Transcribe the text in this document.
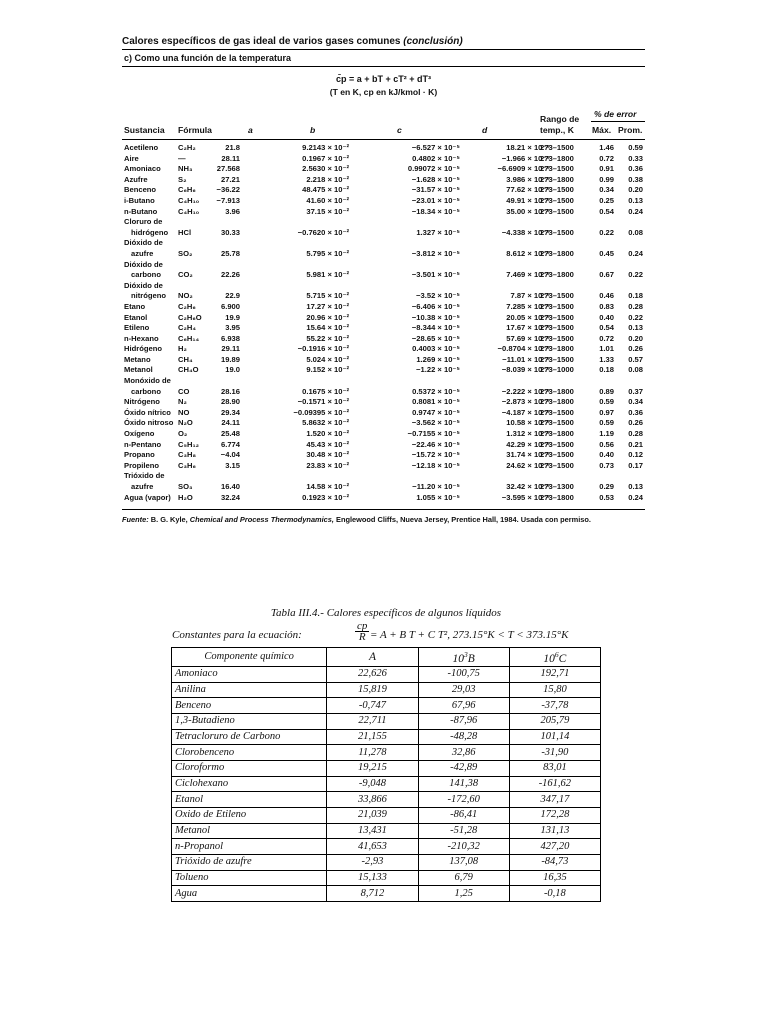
Calores específicos de gas ideal de varios gases comunes (conclusión)
c) Como una función de la temperatura
c̄p = a + bT + cT² + dT³
(T en K, cp en kJ/kmol · K)
Sustancia Fórmula	a	b	c	d
Rango de
temp., K
% de error
Máx. Prom.
Acetileno	C₂H₂	21.8	9.2143 × 10⁻²	−6.527 × 10⁻⁵	18.21 × 10⁻⁹
273–1500	1.46 0.59
Aire	—	28.11	0.1967 × 10⁻²	0.4802 × 10⁻⁵	−1.966 × 10⁻⁹
273–1800	0.72 0.33
Amoniaco NH₃	27.568	2.5630 × 10⁻²	0.99072 × 10⁻⁵	−6.6909 × 10⁻⁹
273–1500	0.91 0.36
Azufre	S₂	27.21	2.218 × 10⁻²	−1.628 × 10⁻⁵	3.986 × 10⁻⁹
273–1800	0.99 0.38
Benceno	C₆H₆	−36.22	48.475 × 10⁻²	−31.57 × 10⁻⁵	77.62 × 10⁻⁹
273–1500	0.34 0.20
i-Butano	C₄H₁₀ −7.913	41.60 × 10⁻²	−23.01 × 10⁻⁵	49.91 × 10⁻⁹
273–1500	0.25 0.13
n-Butano	C₄H₁₀	3.96	37.15 × 10⁻²	−18.34 × 10⁻⁵	35.00 × 10⁻⁹
273–1500	0.54 0.24
Cloruro de
hidrógeno HCl	30.33	−0.7620 × 10⁻²	1.327 × 10⁻⁵	−4.338 × 10⁻⁹
273–1500	0.22 0.08
Dióxido de
azufre	SO₂	25.78	5.795 × 10⁻²	−3.812 × 10⁻⁵	8.612 × 10⁻⁹
273–1800	0.45 0.24
Dióxido de
carbono CO₂	22.26	5.981 × 10⁻²	−3.501 × 10⁻⁵	7.469 × 10⁻⁹
273–1800	0.67 0.22
Dióxido de
nitrógeno NO₂	22.9	5.715 × 10⁻²	−3.52 × 10⁻⁵	7.87 × 10⁻⁹
273–1500	0.46 0.18
Etano	C₂H₆	6.900	17.27 × 10⁻²	−6.406 × 10⁻⁵	7.285 × 10⁻⁹
273–1500	0.83 0.28
Etanol	C₂H₆O	19.9	20.96 × 10⁻²	−10.38 × 10⁻⁵	20.05 × 10⁻⁹
273–1500	0.40 0.22
Etileno	C₂H₄	3.95	15.64 × 10⁻²	−8.344 × 10⁻⁵	17.67 × 10⁻⁹
273–1500	0.54 0.13
n-Hexano	C₆H₁₄	6.938	55.22 × 10⁻²	−28.65 × 10⁻⁵	57.69 × 10⁻⁹
273–1500	0.72 0.20
Hidrógeno H₂	29.11	−0.1916 × 10⁻²	0.4003 × 10⁻⁵	−0.8704 × 10⁻⁹
273–1800	1.01 0.26
Metano	CH₄	19.89	5.024 × 10⁻²	1.269 × 10⁻⁵	−11.01 × 10⁻⁹
273–1500	1.33 0.57
Metanol	CH₄O	19.0	9.152 × 10⁻²	−1.22 × 10⁻⁵	−8.039 × 10⁻⁹
273–1000	0.18 0.08
Monóxido de
carbono CO	28.16	0.1675 × 10⁻²	0.5372 × 10⁻⁵	−2.222 × 10⁻⁹
273–1800	0.89 0.37
Nitrógeno N₂	28.90	−0.1571 × 10⁻²	0.8081 × 10⁻⁵	−2.873 × 10⁻⁹
273–1800	0.59 0.34
Óxido nítrico NO	29.34	−0.09395 × 10⁻²	0.9747 × 10⁻⁵	−4.187 × 10⁻⁹
273–1500	0.97 0.36
Óxido nitroso N₂O	24.11	5.8632 × 10⁻²	−3.562 × 10⁻⁵	10.58 × 10⁻⁹
273–1500	0.59 0.26
Oxígeno	O₂	25.48	1.520 × 10⁻²	−0.7155 × 10⁻⁵	1.312 × 10⁻⁹
273–1800	1.19 0.28
n-Pentano C₅H₁₂	6.774	45.43 × 10⁻²	−22.46 × 10⁻⁵	42.29 × 10⁻⁹
273–1500	0.56 0.21
Propano	C₃H₈	−4.04	30.48 × 10⁻²	−15.72 × 10⁻⁵	31.74 × 10⁻⁹
273–1500	0.40 0.12
Propileno C₃H₆	3.15	23.83 × 10⁻²	−12.18 × 10⁻⁵	24.62 × 10⁻⁹
273–1500	0.73 0.17
Trióxido de
azufre	SO₃	16.40	14.58 × 10⁻²	−11.20 × 10⁻⁵	32.42 × 10⁻⁹
273–1300	0.29 0.13
Agua (vapor) H₂O	32.24	0.1923 × 10⁻²	1.055 × 10⁻⁵	−3.595 × 10⁻⁹
273–1800	0.53 0.24
Fuente: B. G. Kyle, Chemical and Process Thermodynamics, Englewood Cliffs, Nueva Jersey, Prentice Hall, 1984. Usada con permiso.
Tabla III.4.- Calores específicos de algunos líquidos
Constantes para la ecuación:	$\frac{cp}{R} = A + B$ T + C T², 273.15°K < T < 373.15°K
Componente químico	A	$10^3B$	$10^6C$
Amoniaco	22,626	-100,75	192,71
Anilina	15,819	29,03	15,80
Benceno	-0,747	67,96	-37,78
1,3-Butadieno	22,711	-87,96	205,79
Tetracloruro de Carbono	21,155	-48,28	101,14
Clorobenceno	11,278	32,86	-31,90
Cloroformo	19,215	-42,89	83,01
Ciclohexano	-9,048	141,38	-161,62
Etanol	33,866	-172,60	347,17
Oxido de Etileno	21,039	-86,41	172,28
Metanol	13,431	-51,28	131,13
n-Propanol	41,653	-210,32	427,20
Trióxido de azufre	-2,93	137,08	-84,73
Tolueno	15,133	6,79	16,35
Agua	8,712	1,25	-0,18
